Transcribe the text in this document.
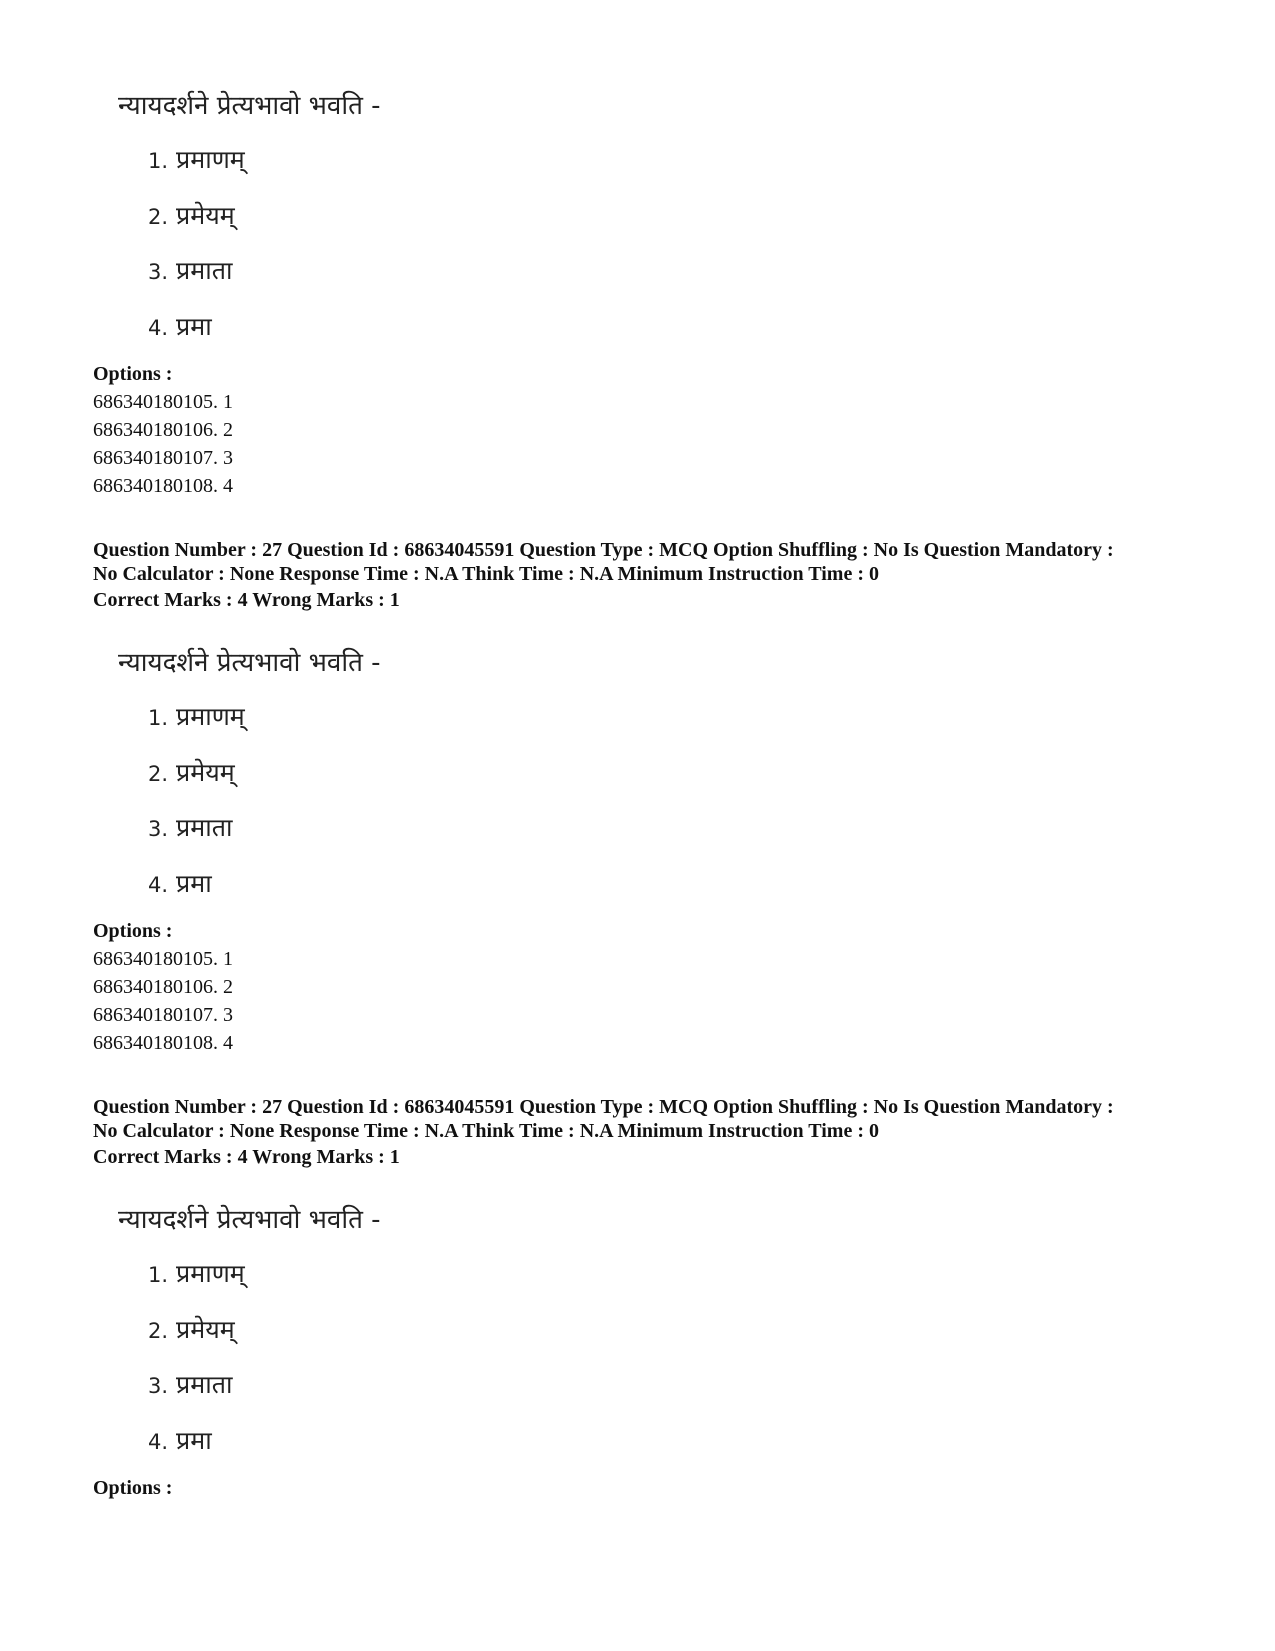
न्यायदर्शने प्रेत्यभावो भवति -
1. प्रमाणम्
2. प्रमेयम्
3. प्रमाता
4. प्रमा
Options :
686340180105. 1
686340180106. 2
686340180107. 3
686340180108. 4
Question Number : 27 Question Id : 68634045591 Question Type : MCQ Option Shuffling : No Is Question Mandatory :
No Calculator : None Response Time : N.A Think Time : N.A Minimum Instruction Time : 0
Correct Marks : 4 Wrong Marks : 1
न्यायदर्शने प्रेत्यभावो भवति -
1. प्रमाणम्
2. प्रमेयम्
3. प्रमाता
4. प्रमा
Options :
686340180105. 1
686340180106. 2
686340180107. 3
686340180108. 4
Question Number : 27 Question Id : 68634045591 Question Type : MCQ Option Shuffling : No Is Question Mandatory :
No Calculator : None Response Time : N.A Think Time : N.A Minimum Instruction Time : 0
Correct Marks : 4 Wrong Marks : 1
न्यायदर्शने प्रेत्यभावो भवति -
1. प्रमाणम्
2. प्रमेयम्
3. प्रमाता
4. प्रमा
Options :
